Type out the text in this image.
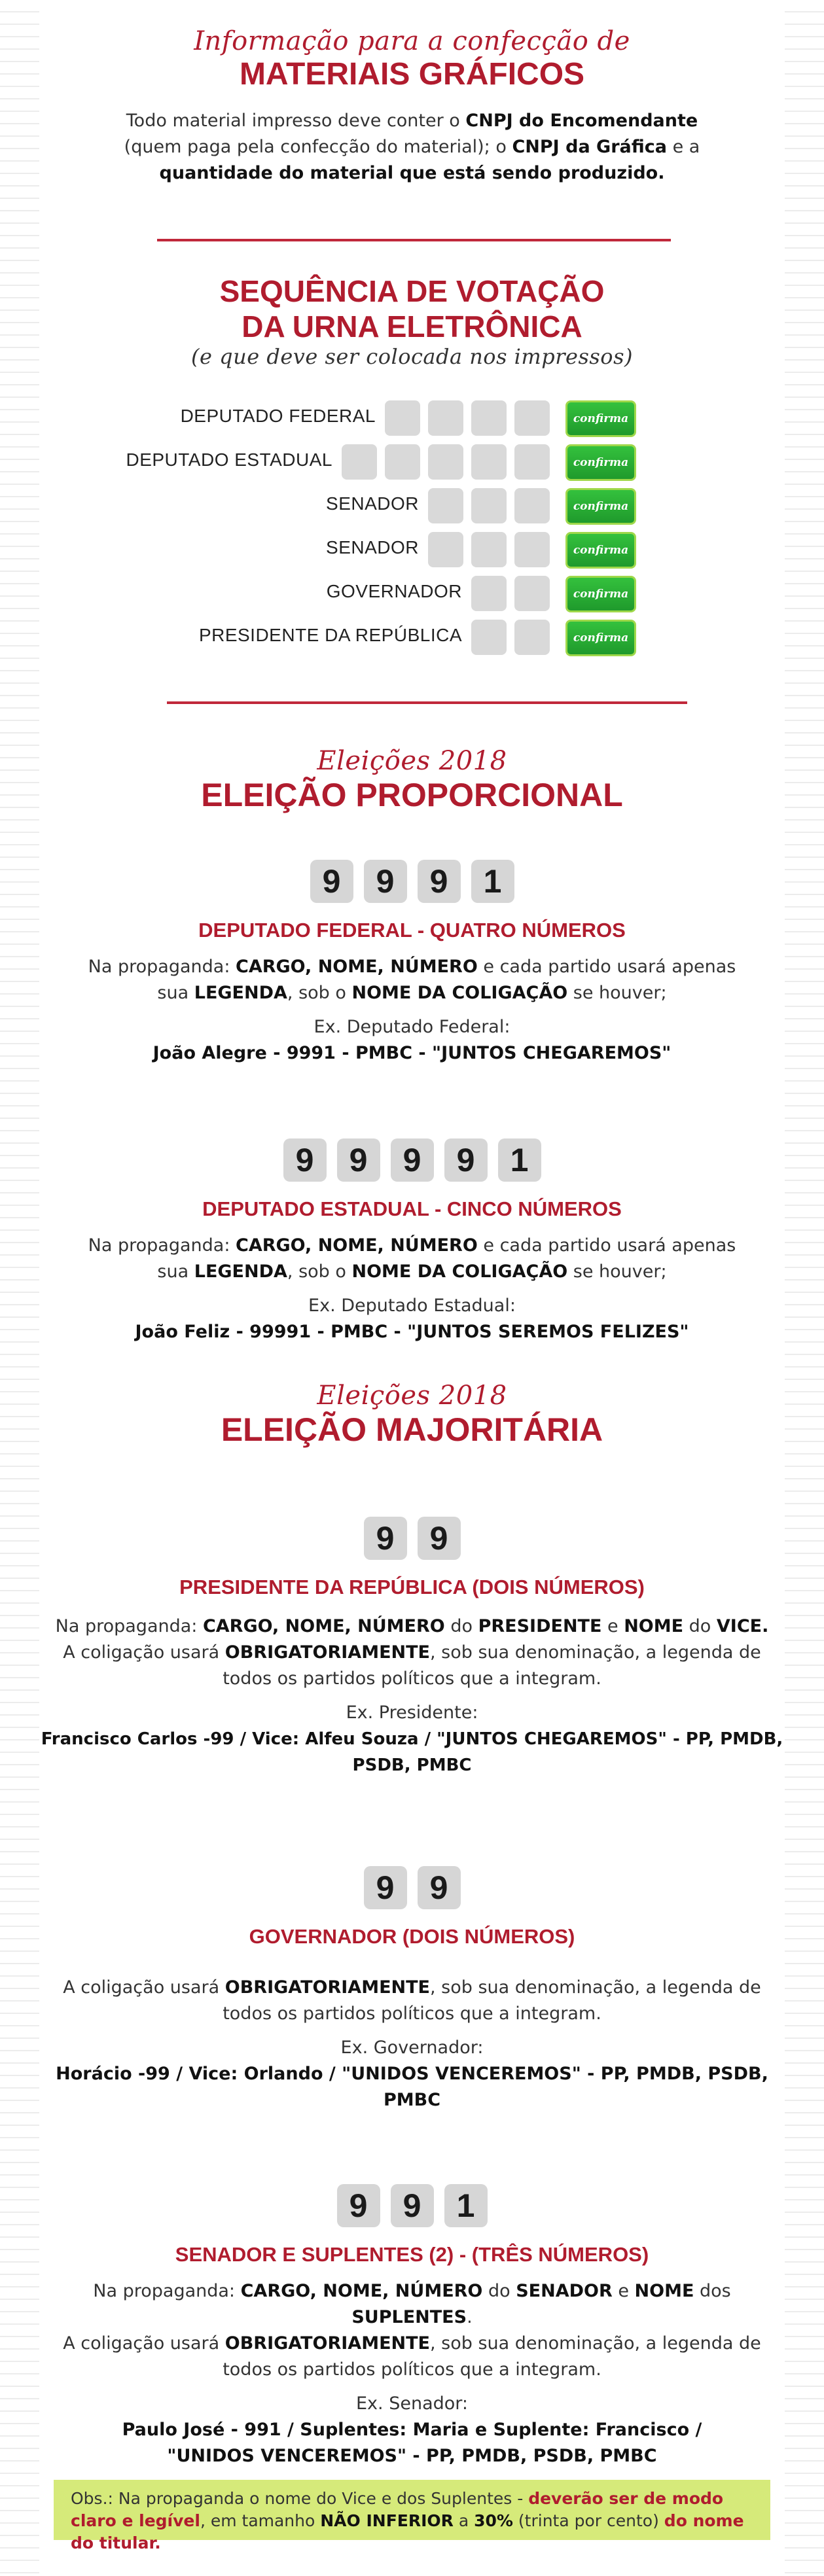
Informação para a confecção de
MATERIAIS GRÁFICOS
Todo material impresso deve conter o CNPJ do Encomendante
(quem paga pela confecção do material); o CNPJ da Gráfica e a
quantidade do material que está sendo produzido.
SEQUÊNCIA DE VOTAÇÃO
DA URNA ELETRÔNICA
(e que deve ser colocada nos impressos)
DEPUTADO FEDERAL	confirma
DEPUTADO ESTADUAL	confirma
SENADOR	confirma
SENADOR	confirma
GOVERNADOR	confirma
PRESIDENTE DA REPÚBLICA	confirma
Eleições 2018
ELEIÇÃO PROPORCIONAL
9	9	9	1
DEPUTADO FEDERAL - QUATRO NÚMEROS
Na propaganda: CARGO, NOME, NÚMERO e cada partido usará apenas
sua LEGENDA, sob o NOME DA COLIGAÇÃO se houver;
Ex. Deputado Federal:
João Alegre - 9991 - PMBC - "JUNTOS CHEGAREMOS"
9	9	9	9	1
DEPUTADO ESTADUAL - CINCO NÚMEROS
Na propaganda: CARGO, NOME, NÚMERO e cada partido usará apenas
sua LEGENDA, sob o NOME DA COLIGAÇÃO se houver;
Ex. Deputado Estadual:
João Feliz - 99991 - PMBC - "JUNTOS SEREMOS FELIZES"
Eleições 2018
ELEIÇÃO MAJORITÁRIA
9	9
PRESIDENTE DA REPÚBLICA (DOIS NÚMEROS)
Na propaganda: CARGO, NOME, NÚMERO do PRESIDENTE e NOME do VICE.
A coligação usará OBRIGATORIAMENTE, sob sua denominação, a legenda de
todos os partidos políticos que a integram.
Ex. Presidente:
Francisco Carlos -99 / Vice: Alfeu Souza / "JUNTOS CHEGAREMOS" - PP, PMDB, PSDB, PMBC
9	9
GOVERNADOR (DOIS NÚMEROS)
A coligação usará OBRIGATORIAMENTE, sob sua denominação, a legenda de
todos os partidos políticos que a integram.
Ex. Governador:
Horácio -99 / Vice: Orlando / "UNIDOS VENCEREMOS" - PP, PMDB, PSDB, PMBC
9	9	1
SENADOR E SUPLENTES (2) - (TRÊS NÚMEROS)
Na propaganda: CARGO, NOME, NÚMERO do SENADOR e NOME dos SUPLENTES.
A coligação usará OBRIGATORIAMENTE, sob sua denominação, a legenda de
todos os partidos políticos que a integram.
Ex. Senador:
Paulo José - 991 / Suplentes: Maria e Suplente: Francisco /
"UNIDOS VENCEREMOS" - PP, PMDB, PSDB, PMBC
Obs.: Na propaganda o nome do Vice e dos Suplentes - deverão ser de modo claro e legível, em tamanho NÃO INFERIOR a 30% (trinta por cento) do nome do titular.
